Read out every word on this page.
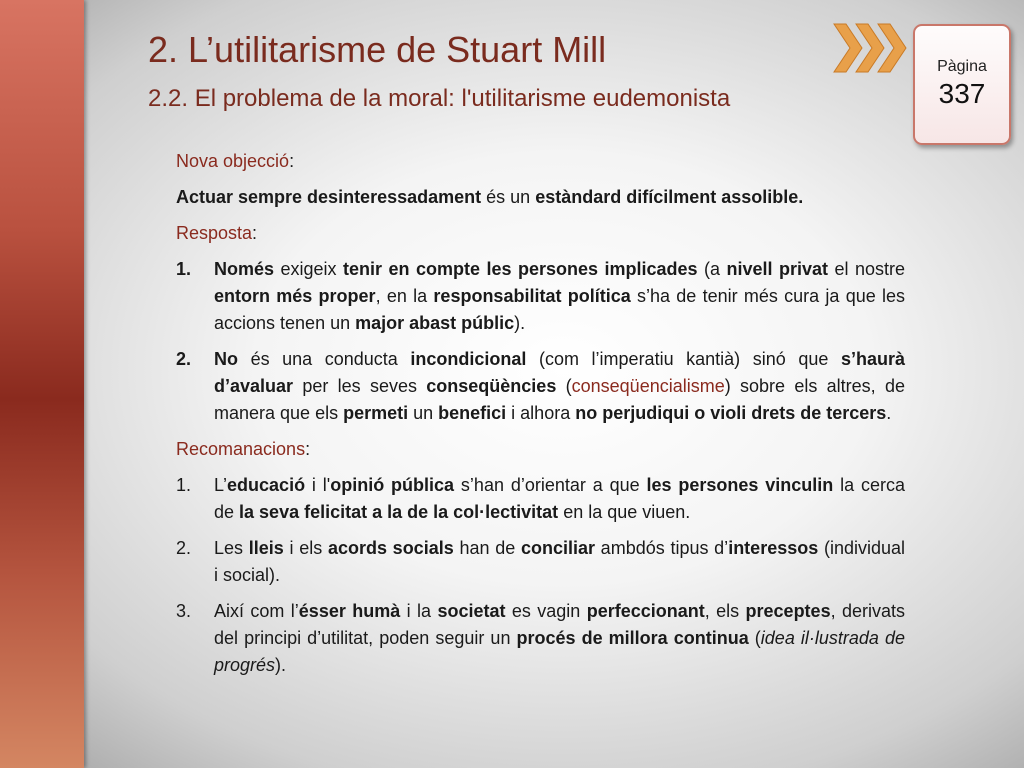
2. L’utilitarisme de Stuart Mill
2.2. El problema de la moral: l'utilitarisme eudemonista
Pàgina
337
Nova objecció:
Actuar sempre desinteressadament és un estàndard difícilment assolible.
Resposta:
1.	Només exigeix tenir en compte les persones implicades (a nivell privat el nostre entorn més proper, en la responsabilitat política s’ha de tenir més cura ja que les accions tenen un major abast públic).
2.	No és una conducta incondicional (com l’imperatiu kantià) sinó que s’haurà d’avaluar per les seves conseqüències (conseqüencialisme) sobre els altres, de manera que els permeti un benefici i alhora no perjudiqui o violi drets de tercers.
Recomanacions:
1.	L’educació i l'opinió pública s’han d’orientar a que les persones vinculin la cerca de la seva felicitat a la de la col·lectivitat en la que viuen.
2.	Les lleis i els acords socials han de conciliar ambdós tipus d’interessos (individual i social).
3.	Així com l’ésser humà i la societat es vagin perfeccionant, els preceptes, derivats del principi d’utilitat, poden seguir un procés de millora continua (idea il·lustrada de progrés).
